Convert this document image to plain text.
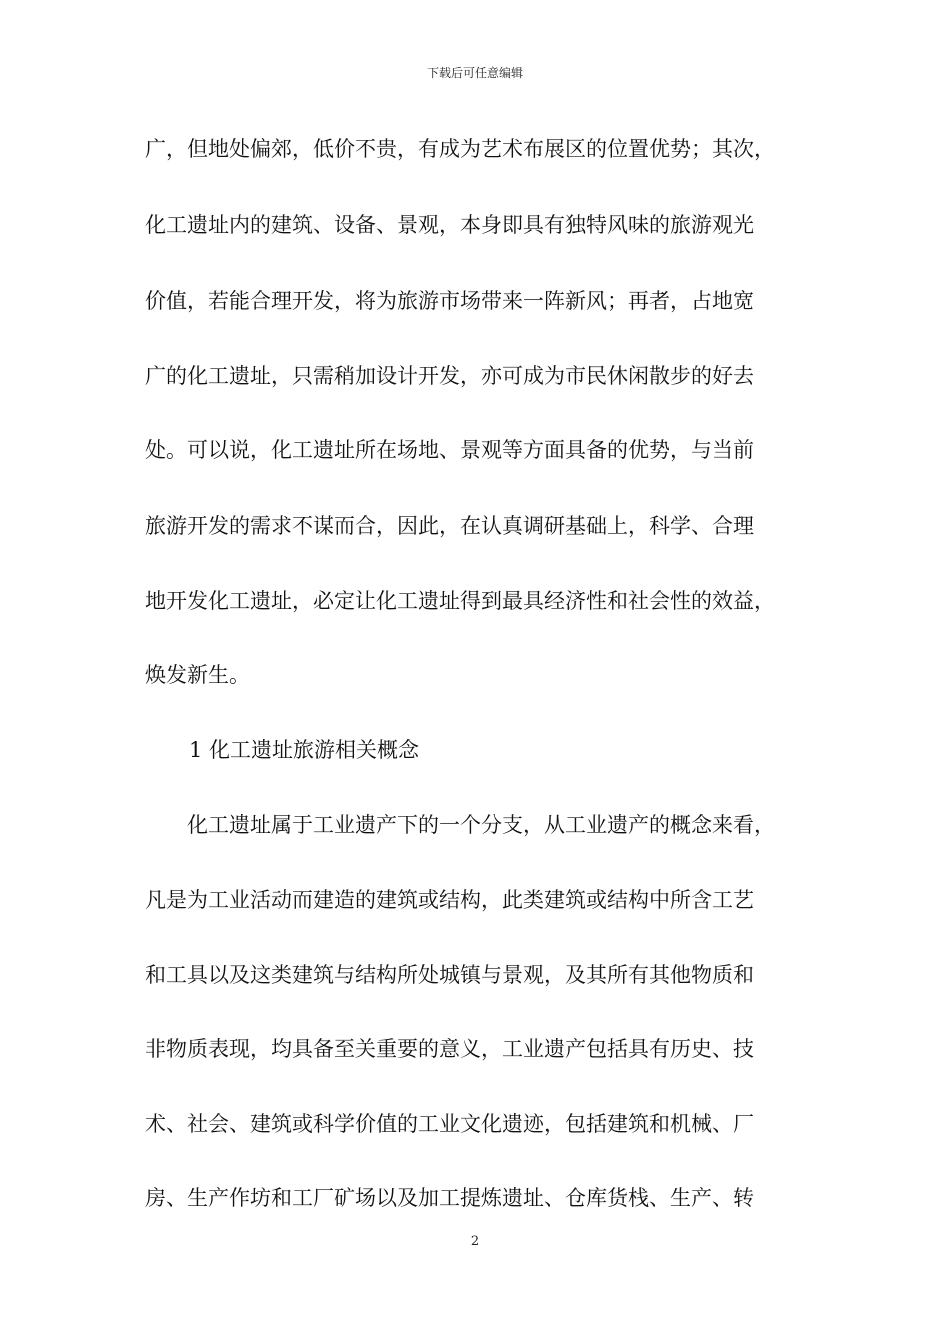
下载后可任意编辑
广，但地处偏郊，低价不贵，有成为艺术布展区的位置优势；其次，
化工遗址内的建筑、设备、景观，本身即具有独特风味的旅游观光
价值，若能合理开发，将为旅游市场带来一阵新风；再者，占地宽
广的化工遗址，只需稍加设计开发，亦可成为市民休闲散步的好去
处。可以说，化工遗址所在场地、景观等方面具备的优势，与当前
旅游开发的需求不谋而合，因此，在认真调研基础上，科学、合理
地开发化工遗址，必定让化工遗址得到最具经济性和社会性的效益，
焕发新生。
1 化工遗址旅游相关概念
化工遗址属于工业遗产下的一个分支，从工业遗产的概念来看，
凡是为工业活动而建造的建筑或结构，此类建筑或结构中所含工艺
和工具以及这类建筑与结构所处城镇与景观，及其所有其他物质和
非物质表现，均具备至关重要的意义，工业遗产包括具有历史、技
术、社会、建筑或科学价值的工业文化遗迹，包括建筑和机械、厂
房、生产作坊和工厂矿场以及加工提炼遗址、仓库货栈、生产、转
2
